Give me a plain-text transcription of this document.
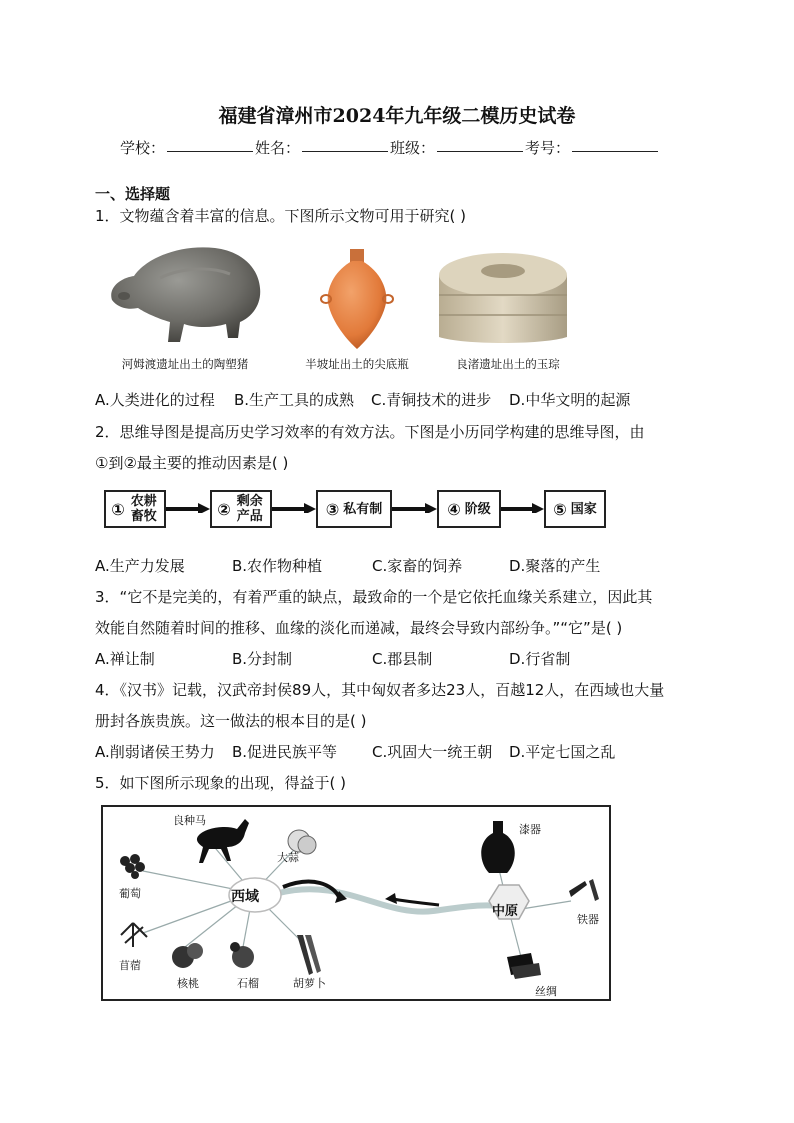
福建省漳州市2024年九年级二模历史试卷
学校：	姓名：	班级：	考号：
一、选择题
1．文物蕴含着丰富的信息。下图所示文物可用于研究( )
河姆渡遗址出土的陶塑猪	半坡址出土的尖底瓶	良渚遗址出土的玉琮
A.人类进化的过程 B.生产工具的成熟 C.青铜技术的进步 D.中华文明的起源
2．思维导图是提高历史学习效率的有效方法。下图是小历同学构建的思维导图，由
①到②最主要的推动因素是( )
① 农耕畜牧	② 剩余产品	③ 私有制	④ 阶级	⑤ 国家
A.生产力发展	B.农作物种植	C.家畜的饲养	D.聚落的产生
3．“它不是完美的，有着严重的缺点，最致命的一个是它依托血缘关系建立，因此其
效能自然随着时间的推移、血缘的淡化而递减，最终会导致内部纷争。”“它”是( )
A.禅让制	B.分封制	C.郡县制	D.行省制
4．《汉书》记载，汉武帝封侯89人，其中匈奴者多达23人，百越12人，在西域也大量
册封各族贵族。这一做法的根本目的是( )
A.削弱诸侯王势力 B.促进民族平等 C.巩固大一统王朝 D.平定七国之乱
5．如下图所示现象的出现，得益于( )
西域
中原
良种马
大蒜
葡萄
苜蓿
核桃	石榴	胡萝卜
漆器
铁器
丝绸
